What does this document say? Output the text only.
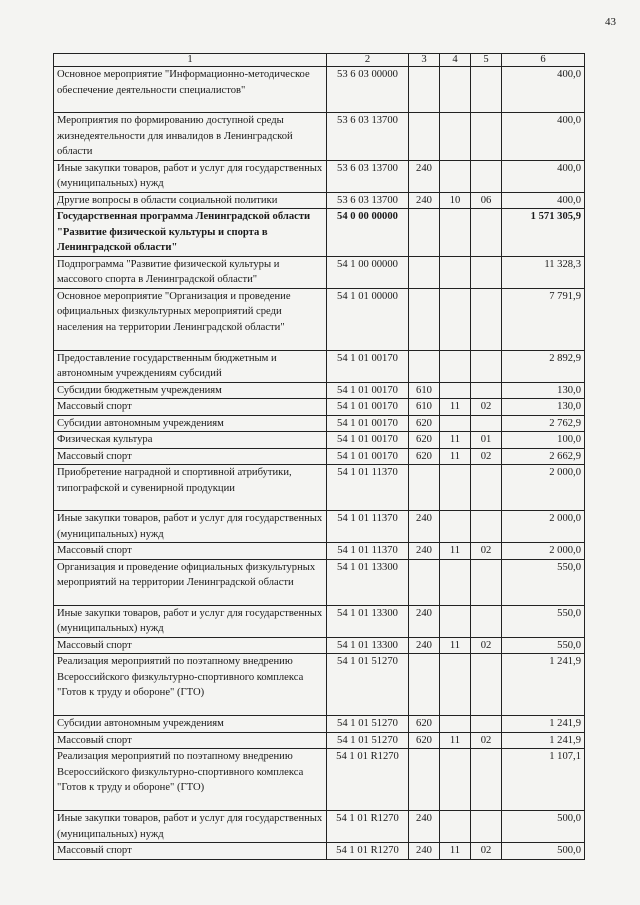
43
1	2	3	4	5	6
Основное мероприятие "Информационно-методическое обеспечение деятельности специалистов"	53 6 03 00000				400,0
Мероприятия по формированию доступной среды жизнедеятельности для инвалидов в Ленинградской области	53 6 03 13700				400,0
Иные закупки товаров, работ и услуг для государственных (муниципальных) нужд	53 6 03 13700	240			400,0
Другие вопросы в области социальной политики	53 6 03 13700	240	10	06	400,0
Государственная программа Ленинградской области "Развитие физической культуры и спорта в Ленинградской области"	54 0 00 00000				1 571 305,9
Подпрограмма "Развитие физической культуры и массового спорта в Ленинградской области"	54 1 00 00000				11 328,3
Основное мероприятие "Организация и проведение официальных физкультурных мероприятий среди населения на территории Ленинградской области"	54 1 01 00000				7 791,9
Предоставление государственным бюджетным и автономным учреждениям субсидий	54 1 01 00170				2 892,9
Субсидии бюджетным учреждениям	54 1 01 00170	610			130,0
Массовый спорт	54 1 01 00170	610	11	02	130,0
Субсидии автономным учреждениям	54 1 01 00170	620			2 762,9
Физическая культура	54 1 01 00170	620	11	01	100,0
Массовый спорт	54 1 01 00170	620	11	02	2 662,9
Приобретение наградной и спортивной атрибутики, типографской и сувенирной продукции	54 1 01 11370				2 000,0
Иные закупки товаров, работ и услуг для государственных (муниципальных) нужд	54 1 01 11370	240			2 000,0
Массовый спорт	54 1 01 11370	240	11	02	2 000,0
Организация и проведение официальных физкультурных мероприятий на территории Ленинградской области	54 1 01 13300				550,0
Иные закупки товаров, работ и услуг для государственных (муниципальных) нужд	54 1 01 13300	240			550,0
Массовый спорт	54 1 01 13300	240	11	02	550,0
Реализация мероприятий по поэтапному внедрению Всероссийского физкультурно-спортивного комплекса "Готов к труду и обороне" (ГТО)	54 1 01 51270				1 241,9
Субсидии автономным учреждениям	54 1 01 51270	620			1 241,9
Массовый спорт	54 1 01 51270	620	11	02	1 241,9
Реализация мероприятий по поэтапному внедрению Всероссийского физкультурно-спортивного комплекса "Готов к труду и обороне" (ГТО)	54 1 01 R1270				1 107,1
Иные закупки товаров, работ и услуг для государственных (муниципальных) нужд	54 1 01 R1270	240			500,0
Массовый спорт	54 1 01 R1270	240	11	02	500,0
